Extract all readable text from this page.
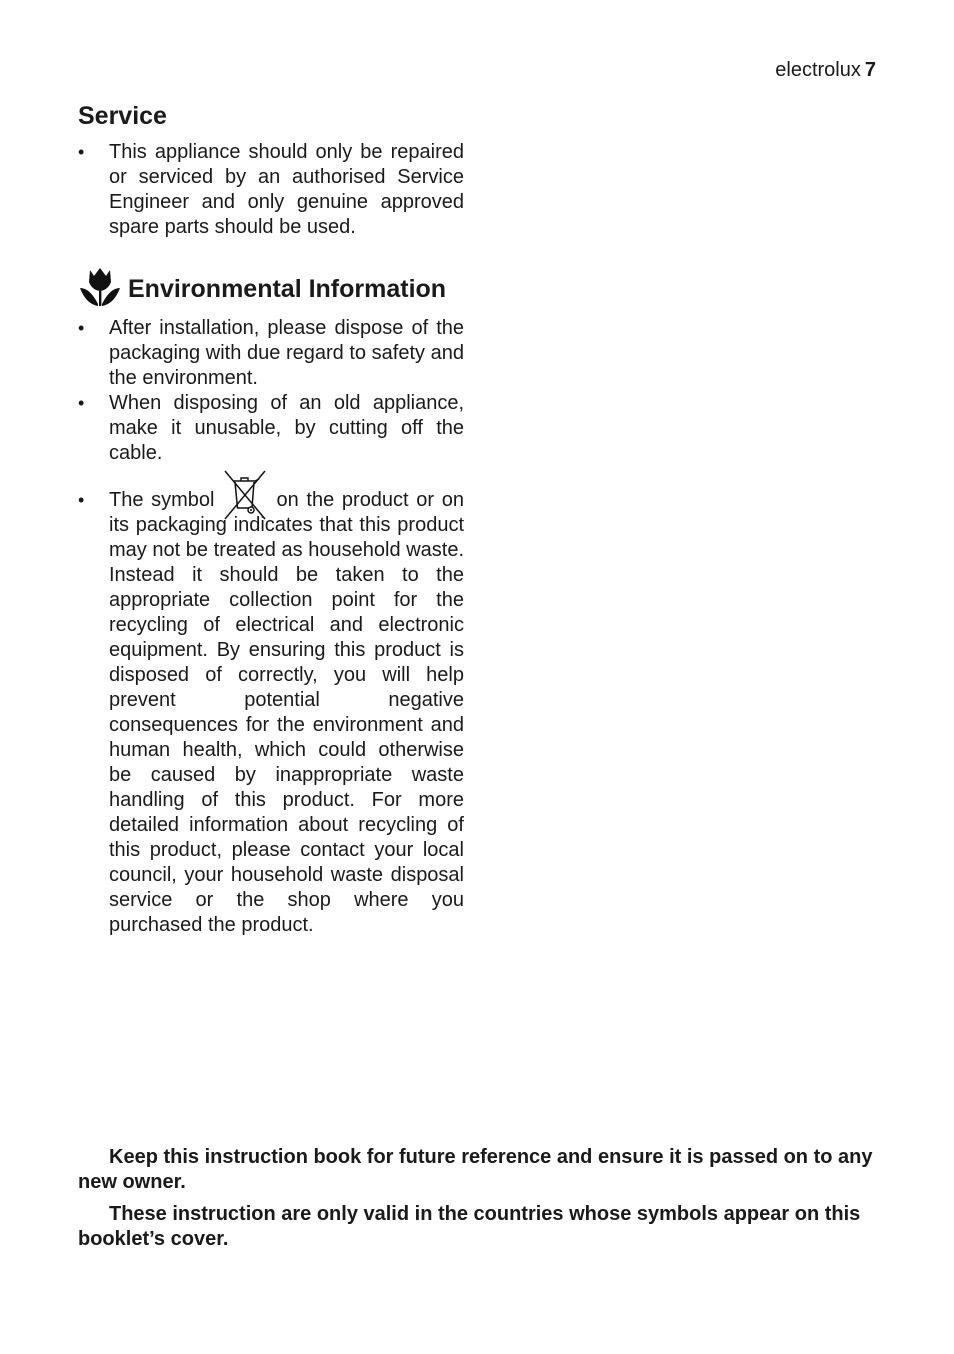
electrolux 7
Service
• This appliance should only be repaired or serviced by an authorised Service Engineer and only genuine approved spare parts should be used.
Environmental Information
• After installation, please dispose of the packaging with due regard to safety and the environment.
• When disposing of an old appliance, make it unusable, by cutting off the cable.
• The symbol	on the product or on its packaging indicates that this product may not be treated as household waste. Instead it should be taken to the appropriate collection point for the recycling of electrical and electronic equipment. By ensuring this product is disposed of correctly, you will help prevent potential negative consequences for the environment and human health, which could otherwise be caused by inappropriate waste handling of this product. For more detailed information about recycling of this product, please contact your local council, your household waste disposal service or the shop where you purchased the product.

Keep this instruction book for future reference and ensure it is passed on to any new owner.

These instruction are only valid in the countries whose symbols appear on this booklet’s cover.
